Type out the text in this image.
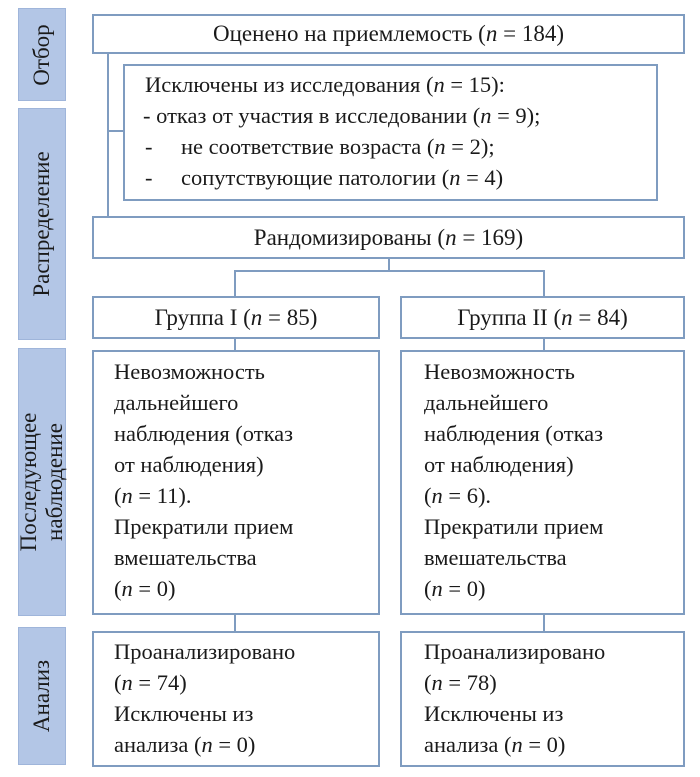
Отбор
Распределение
Последующее наблюдение
Анализ
Оценено на приемлемость (n = 184)
Исключены из исследования (n = 15):
- отказ от участия в исследовании (n = 9);
- не соответствие возраста (n = 2);
- сопутствующие патологии (n = 4)
Рандомизированы (n = 169)
Группа I (n = 85)	Группа II (n = 84)
Невозможность
дальнейшего
наблюдения (отказ
от наблюдения)
(n = 11).
Прекратили прием
вмешательства
(n = 0)
Невозможность
дальнейшего
наблюдения (отказ
от наблюдения)
(n = 6).
Прекратили прием
вмешательства
(n = 0)
Проанализировано
(n = 74)
Исключены из
анализа (n = 0)
Проанализировано
(n = 78)
Исключены из
анализа (n = 0)
